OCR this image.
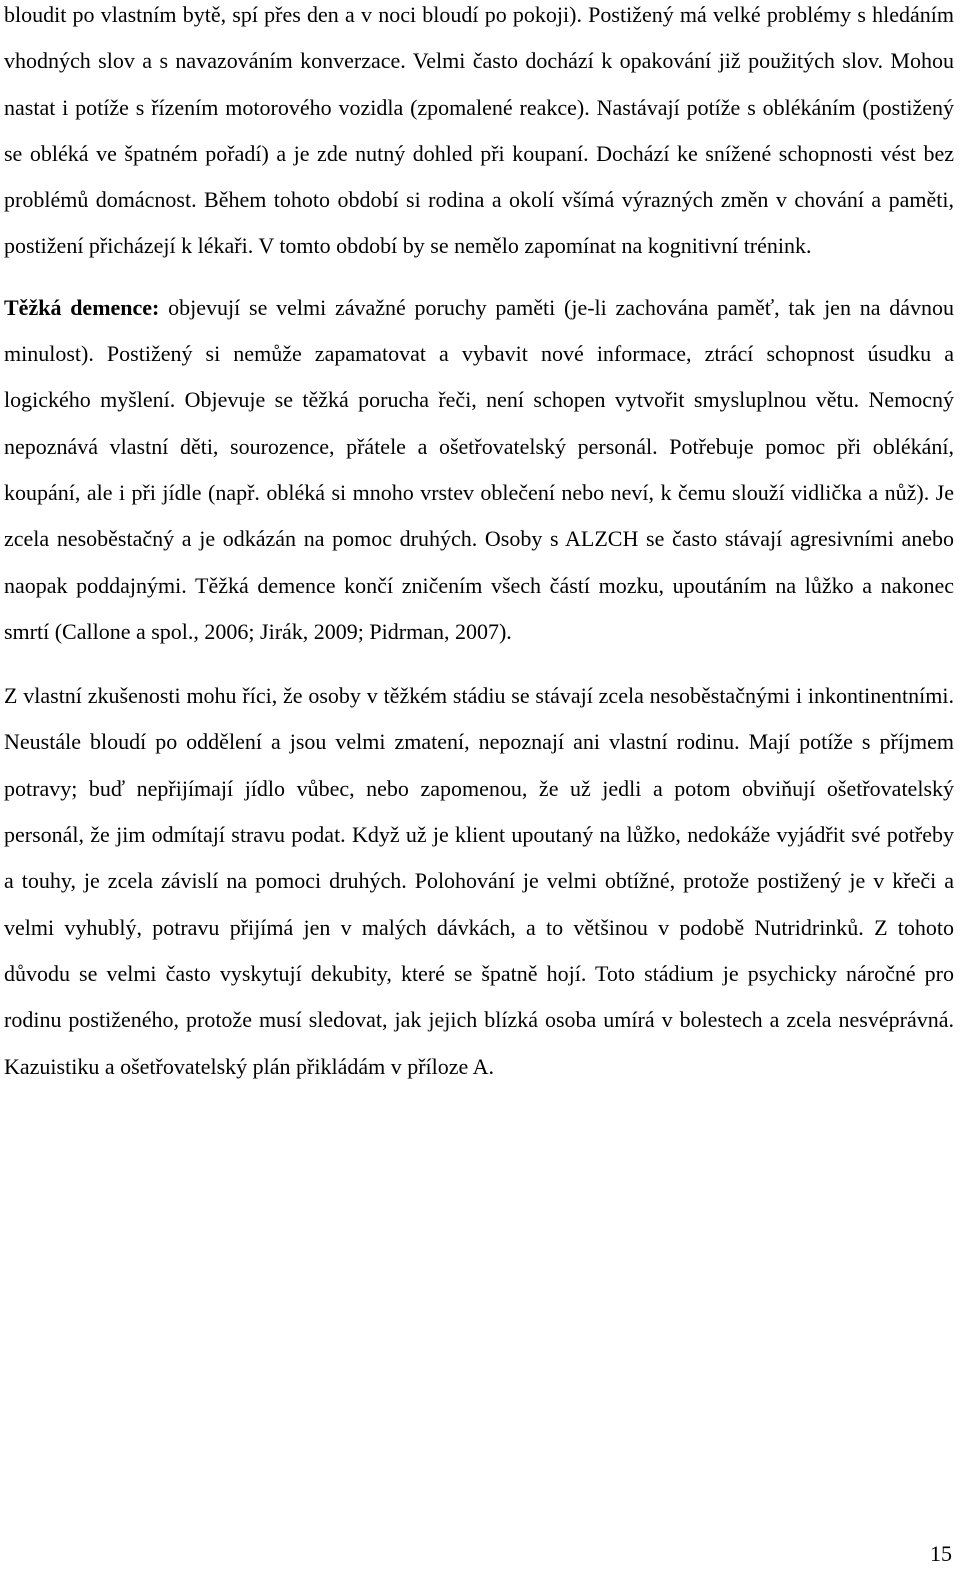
bloudit po vlastním bytě, spí přes den a v noci bloudí po pokoji). Postižený má velké problémy s hledáním vhodných slov a s navazováním konverzace. Velmi často dochází k opakování již použitých slov. Mohou nastat i potíže s řízením motorového vozidla (zpomalené reakce). Nastávají potíže s oblékáním (postižený se obléká ve špatném pořadí) a je zde nutný dohled při koupaní. Dochází ke snížené schopnosti vést bez problémů domácnost. Během tohoto období si rodina a okolí všímá výrazných změn v chování a paměti, postižení přicházejí k lékaři. V tomto období by se nemělo zapomínat na kognitivní trénink.

Těžká demence: objevují se velmi závažné poruchy paměti (je-li zachována paměť, tak jen na dávnou minulost). Postižený si nemůže zapamatovat a vybavit nové informace, ztrácí schopnost úsudku a logického myšlení. Objevuje se těžká porucha řeči, není schopen vytvořit smysluplnou větu. Nemocný nepoznává vlastní děti, sourozence, přátele a ošetřovatelský personál. Potřebuje pomoc při oblékání, koupání, ale i při jídle (např. obléká si mnoho vrstev oblečení nebo neví, k čemu slouží vidlička a nůž). Je zcela nesoběstačný a je odkázán na pomoc druhých. Osoby s ALZCH se často stávají agresivními anebo naopak poddajnými. Těžká demence končí zničením všech částí mozku, upoutáním na lůžko a nakonec smrtí (Callone a spol., 2006; Jirák, 2009; Pidrman, 2007).

Z vlastní zkušenosti mohu říci, že osoby v těžkém stádiu se stávají zcela nesoběstačnými i inkontinentními. Neustále bloudí po oddělení a jsou velmi zmatení, nepoznají ani vlastní rodinu. Mají potíže s příjmem potravy; buď nepřijímají jídlo vůbec, nebo zapomenou, že už jedli a potom obviňují ošetřovatelský personál, že jim odmítají stravu podat. Když už je klient upoutaný na lůžko, nedokáže vyjádřit své potřeby a touhy, je zcela závislí na pomoci druhých. Polohování je velmi obtížné, protože postižený je v křeči a velmi vyhublý, potravu přijímá jen v malých dávkách, a to většinou v podobě Nutridrinků. Z tohoto důvodu se velmi často vyskytují dekubity, které se špatně hojí. Toto stádium je psychicky náročné pro rodinu postiženého, protože musí sledovat, jak jejich blízká osoba umírá v bolestech a zcela nesvéprávná. Kazuistiku a ošetřovatelský plán přikládám v příloze A.

15
